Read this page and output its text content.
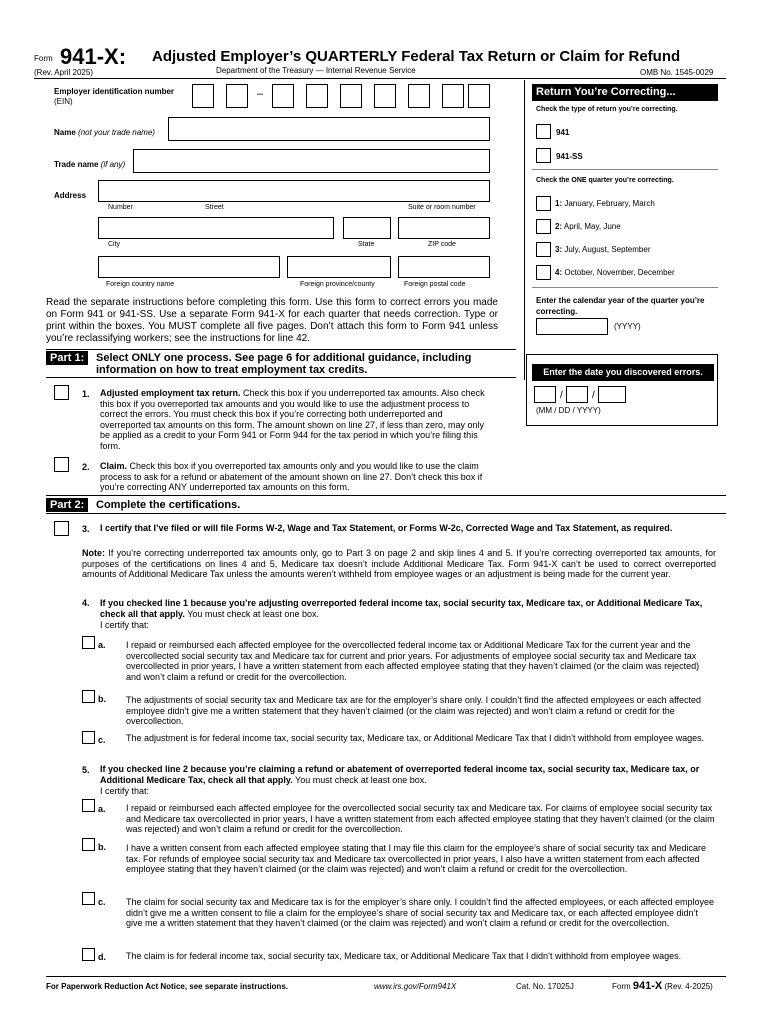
Form 941-X: Adjusted Employer’s QUARTERLY Federal Tax Return or Claim for Refund
(Rev. April 2025)	Department of the Treasury — Internal Revenue Service	OMB No. 1545-0029
Employer identification number
(EIN)
–
Name (not your trade name)
Trade name (if any)
Address
Number	Street	Suite or room number
City	State	ZIP code
Foreign country name	Foreign province/county	Foreign postal code
Return You’re Correcting...
Check the type of return you’re correcting.
941
941-SS
Check the ONE quarter you’re correcting.
1: January, February, March
2: April, May, June
3: July, August, September
4: October, November, December
Enter the calendar year of the quarter you’re correcting.
(YYYY)
Enter the date you discovered errors.
/	/
(MM / DD / YYYY)
Read the separate instructions before completing this form. Use this form to correct errors you made on Form 941 or 941-SS. Use a separate Form 941-X for each quarter that needs correction. Type or print within the boxes. You MUST complete all five pages. Don’t attach this form to Form 941 unless you’re reclassifying workers; see the instructions for line 42.
Part 1:	Select ONLY one process. See page 6 for additional guidance, including information on how to treat employment tax credits.
1. Adjusted employment tax return. Check this box if you underreported tax amounts. Also check this box if you overreported tax amounts and you would like to use the adjustment process to correct the errors. You must check this box if you’re correcting both underreported and overreported tax amounts on this form. The amount shown on line 27, if less than zero, may only be applied as a credit to your Form 941 or Form 944 for the tax period in which you’re filing this form.
2. Claim. Check this box if you overreported tax amounts only and you would like to use the claim process to ask for a refund or abatement of the amount shown on line 27. Don’t check this box if you’re correcting ANY underreported tax amounts on this form.
Part 2:	Complete the certifications.
3. I certify that I’ve filed or will file Forms W-2, Wage and Tax Statement, or Forms W-2c, Corrected Wage and Tax Statement, as required.
Note: If you’re correcting underreported tax amounts only, go to Part 3 on page 2 and skip lines 4 and 5. If you’re correcting overreported tax amounts, for purposes of the certifications on lines 4 and 5, Medicare tax doesn’t include Additional Medicare Tax. Form 941-X can’t be used to correct overreported amounts of Additional Medicare Tax unless the amounts weren’t withheld from employee wages or an adjustment is being made for the current year.
4. If you checked line 1 because you’re adjusting overreported federal income tax, social security tax, Medicare tax, or Additional Medicare Tax, check all that apply. You must check at least one box.
I certify that:
a. I repaid or reimbursed each affected employee for the overcollected federal income tax or Additional Medicare Tax for the current year and the overcollected social security tax and Medicare tax for current and prior years. For adjustments of employee social security tax and Medicare tax overcollected in prior years, I have a written statement from each affected employee stating that they haven’t claimed (or the claim was rejected) and won’t claim a refund or credit for the overcollection.
b. The adjustments of social security tax and Medicare tax are for the employer’s share only. I couldn’t find the affected employees or each affected employee didn’t give me a written statement that they haven’t claimed (or the claim was rejected) and won’t claim a refund or credit for the overcollection.
c. The adjustment is for federal income tax, social security tax, Medicare tax, or Additional Medicare Tax that I didn’t withhold from employee wages.
5. If you checked line 2 because you’re claiming a refund or abatement of overreported federal income tax, social security tax, Medicare tax, or Additional Medicare Tax, check all that apply. You must check at least one box.
I certify that:
a. I repaid or reimbursed each affected employee for the overcollected social security tax and Medicare tax. For claims of employee social security tax and Medicare tax overcollected in prior years, I have a written statement from each affected employee stating that they haven’t claimed (or the claim was rejected) and won’t claim a refund or credit for the overcollection.
b. I have a written consent from each affected employee stating that I may file this claim for the employee’s share of social security tax and Medicare tax. For refunds of employee social security tax and Medicare tax overcollected in prior years, I also have a written statement from each affected employee stating that they haven’t claimed (or the claim was rejected) and won’t claim a refund or credit for the overcollection.
c. The claim for social security tax and Medicare tax is for the employer’s share only. I couldn’t find the affected employees, or each affected employee didn’t give me a written consent to file a claim for the employee’s share of social security tax and Medicare tax, or each affected employee didn’t give me a written statement that they haven’t claimed (or the claim was rejected) and won’t claim a refund or credit for the overcollection.
d. The claim is for federal income tax, social security tax, Medicare tax, or Additional Medicare Tax that I didn’t withhold from employee wages.
For Paperwork Reduction Act Notice, see separate instructions.	www.irs.gov/Form941X	Cat. No. 17025J	Form 941-X (Rev. 4-2025)
